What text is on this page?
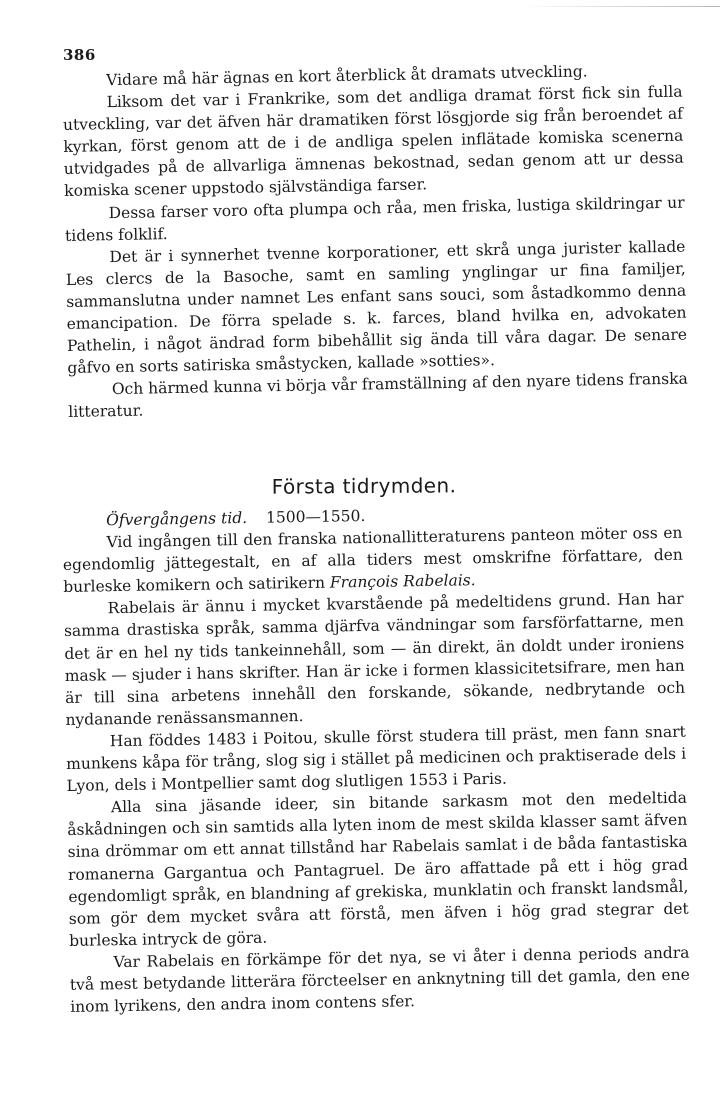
386

Vidare må här ägnas en kort återblick åt dramats utveckling.

Liksom det var i Frankrike, som det andliga dramat först fick sin fulla utveckling, var det äfven här dramatiken först lösgjorde sig från beroendet af kyrkan, först genom att de i de andliga spelen inflätade komiska scenerna utvidgades på de allvarliga ämnenas bekostnad, sedan genom att ur dessa komiska scener uppstodo självständiga farser.

Dessa farser voro ofta plumpa och råa, men friska, lustiga skildringar ur tidens folklif.

Det är i synnerhet tvenne korporationer, ett skrå unga jurister kallade Les clercs de la Basoche, samt en samling ynglingar ur fina familjer, sammanslutna under namnet Les enfant sans souci, som åstadkommo denna emancipation. De förra spelade s. k. farces, bland hvilka en, advokaten Pathelin, i något ändrad form bibehållit sig ända till våra dagar. De senare gåfvo en sorts satiriska småstycken, kallade »sotties».

Och härmed kunna vi börja vår framställning af den nyare tidens franska litteratur.

Första tidrymden.

Öfvergångens tid. 1500—1550.

Vid ingången till den franska nationallitteraturens panteon möter oss en egendomlig jättegestalt, en af alla tiders mest omskrifne författare, den burleske komikern och satirikern François Rabelais.

Rabelais är ännu i mycket kvarstående på medeltidens grund. Han har samma drastiska språk, samma djärfva vändningar som farsförfattarne, men det är en hel ny tids tankeinnehåll, som — än direkt, än doldt under ironiens mask — sjuder i hans skrifter. Han är icke i formen klassicitetsifrare, men han är till sina arbetens innehåll den forskande, sökande, nedbrytande och nydanande renässansmannen.

Han föddes 1483 i Poitou, skulle först studera till präst, men fann snart munkens kåpa för trång, slog sig i stället på medicinen och praktiserade dels i Lyon, dels i Montpellier samt dog slutligen 1553 i Paris.

Alla sina jäsande ideer, sin bitande sarkasm mot den medeltida åskådningen och sin samtids alla lyten inom de mest skilda klasser samt äfven sina drömmar om ett annat tillstånd har Rabelais samlat i de båda fantastiska romanerna Gargantua och Pantagruel. De äro affattade på ett i hög grad egendomligt språk, en blandning af grekiska, munklatin och franskt landsmål, som gör dem mycket svåra att förstå, men äfven i hög grad stegrar det burleska intryck de göra.

Var Rabelais en förkämpe för det nya, se vi åter i denna periods andra två mest betydande litterära förcteelser en anknytning till det gamla, den ene inom lyrikens, den andra inom contens sfer.
